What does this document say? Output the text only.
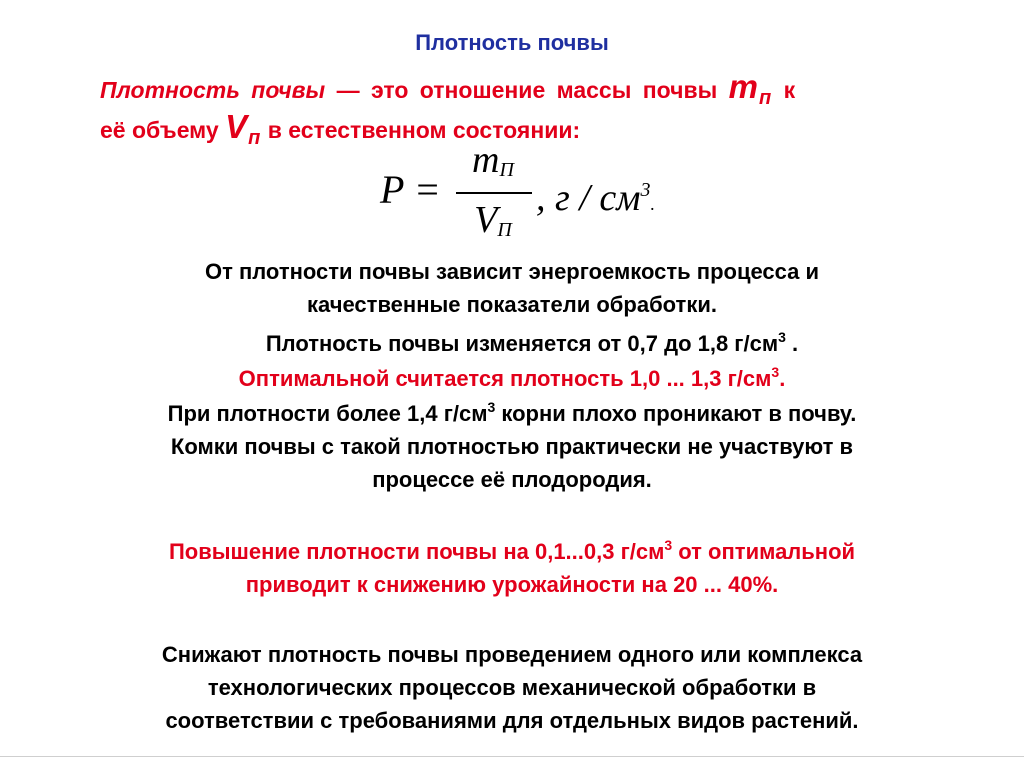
Плотность почвы
Плотность почвы — это отношение массы почвы $m_п$ к
её объему $V_п$ в естественном состоянии:
P =
$m_П$
$V_П$
, г / $см^3$.
От плотности почвы зависит энергоемкость процесса и
качественные показатели обработки.
Плотность почвы изменяется от 0,7 до 1,8 $г/см^3$ .
Оптимальной считается плотность 1,0 ... 1,3 $г/см^3$.
При плотности более 1,4 $г/см^3$ корни плохо проникают в почву.
Комки почвы с такой плотностью практически не участвуют в
процессе её плодородия.
Повышение плотности почвы на 0,1...0,3 $г/см^3$ от оптимальной
приводит к снижению урожайности на 20 ... 40%.
Снижают плотность почвы проведением одного или комплекса
технологических процессов механической обработки в
соответствии с требованиями для отдельных видов растений.
